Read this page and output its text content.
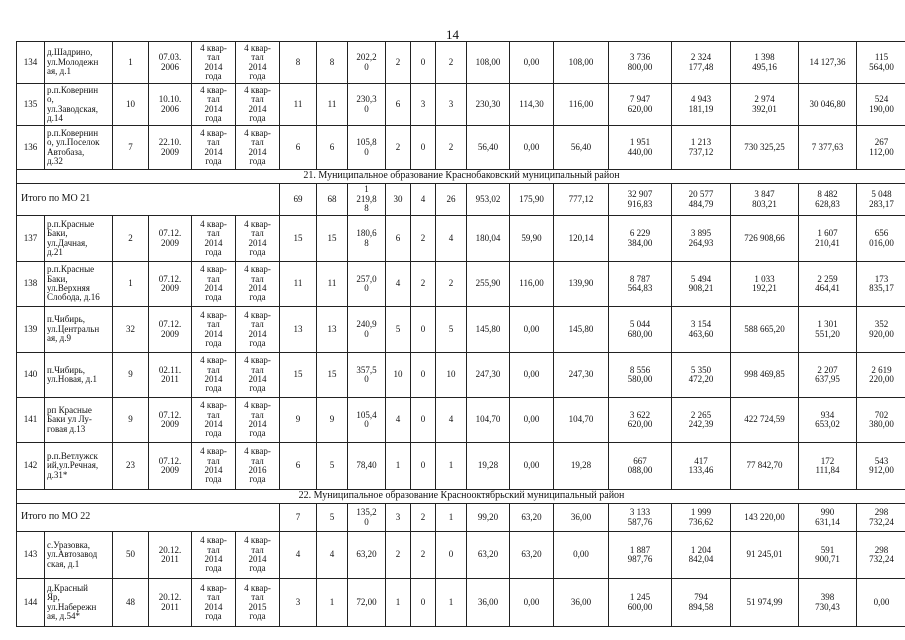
14
134	д.Шадрино,
ул.Молодежн
ая, д.1	1	07.03.
2006	4 квар-
тал
2014
года	4 квар-
тал
2014
года	8	8	202,2
0	2	0	2	108,00	0,00	108,00	3 736
800,00	2 324
177,48	1 398
495,16	14 127,36	115
564,00
135	р.п.Ковернин
о,
ул.Заводская,
д.14	10	10.10.
2006	4 квар-
тал
2014
года	4 квар-
тал
2014
года	11	11	230,3
0	6	3	3	230,30	114,30	116,00	7 947
620,00	4 943
181,19	2 974
392,01	30 046,80	524
190,00
136	р.п.Ковернин
о, ул.Поселок
Автобаза,
д.32	7	22.10.
2009	4 квар-
тал
2014
года	4 квар-
тал
2014
года	6	6	105,8
0	2	0	2	56,40	0,00	56,40	1 951
440,00	1 213
737,12	730 325,25	7 377,63	267
112,00
21. Муниципальное образование Краснобаковский муниципальный район																			
Итого по МО 21						69	68	1
219,8
8	30	4	26	953,02	175,90	777,12	32 907
916,83	20 577
484,79	3 847
803,21	8 482
628,83	5 048
283,17
137	р.п.Красные
Баки,
ул.Дачная,
д.21	2	07.12.
2009	4 квар-
тал
2014
года	4 квар-
тал
2014
года	15	15	180,6
8	6	2	4	180,04	59,90	120,14	6 229
384,00	3 895
264,93	726 908,66	1 607
210,41	656
016,00
138	р.п.Красные
Баки,
ул.Верхняя
Слобода, д.16	1	07.12.
2009	4 квар-
тал
2014
года	4 квар-
тал
2014
года	11	11	257,0
0	4	2	2	255,90	116,00	139,90	8 787
564,83	5 494
908,21	1 033
192,21	2 259
464,41	173
835,17
139	п.Чибирь,
ул.Центральн
ая, д.9	32	07.12.
2009	4 квар-
тал
2014
года	4 квар-
тал
2014
года	13	13	240,9
0	5	0	5	145,80	0,00	145,80	5 044
680,00	3 154
463,60	588 665,20	1 301
551,20	352
920,00
140	п.Чибирь,
ул.Новая, д.1	9	02.11.
2011	4 квар-
тал
2014
года	4 квар-
тал
2014
года	15	15	357,5
0	10	0	10	247,30	0,00	247,30	8 556
580,00	5 350
472,20	998 469,85	2 207
637,95	2 619
220,00
141	рп Красные
Баки ул Лу-
говая д.13	9	07.12.
2009	4 квар-
тал
2014
года	4 квар-
тал
2014
года	9	9	105,4
0	4	0	4	104,70	0,00	104,70	3 622
620,00	2 265
242,39	422 724,59	934
653,02	702
380,00
142	р.п.Ветлужск
ий,ул.Речная,
д.31*	23	07.12.
2009	4 квар-
тал
2014
года	4 квар-
тал
2016
года	6	5	78,40	1	0	1	19,28	0,00	19,28	667
088,00	417
133,46	77 842,70	172
111,84	543
912,00
22. Муниципальное образование Краснооктябрьский муниципальный район																			
Итого по МО 22						7	5	135,2
0	3	2	1	99,20	63,20	36,00	3 133
587,76	1 999
736,62	143 220,00	990
631,14	298
732,24
143	с.Уразовка,
ул.Автозавод
ская, д.1	50	20.12.
2011	4 квар-
тал
2014
года	4 квар-
тал
2014
года	4	4	63,20	2	2	0	63,20	63,20	0,00	1 887
987,76	1 204
842,04	91 245,01	591
900,71	298
732,24
144	д.Красный
Яр,
ул.Набережн
ая, д.54*	48	20.12.
2011	4 квар-
тал
2014
года	4 квар-
тал
2015
года	3	1	72,00	1	0	1	36,00	0,00	36,00	1 245
600,00	794
894,58	51 974,99	398
730,43	0,00
